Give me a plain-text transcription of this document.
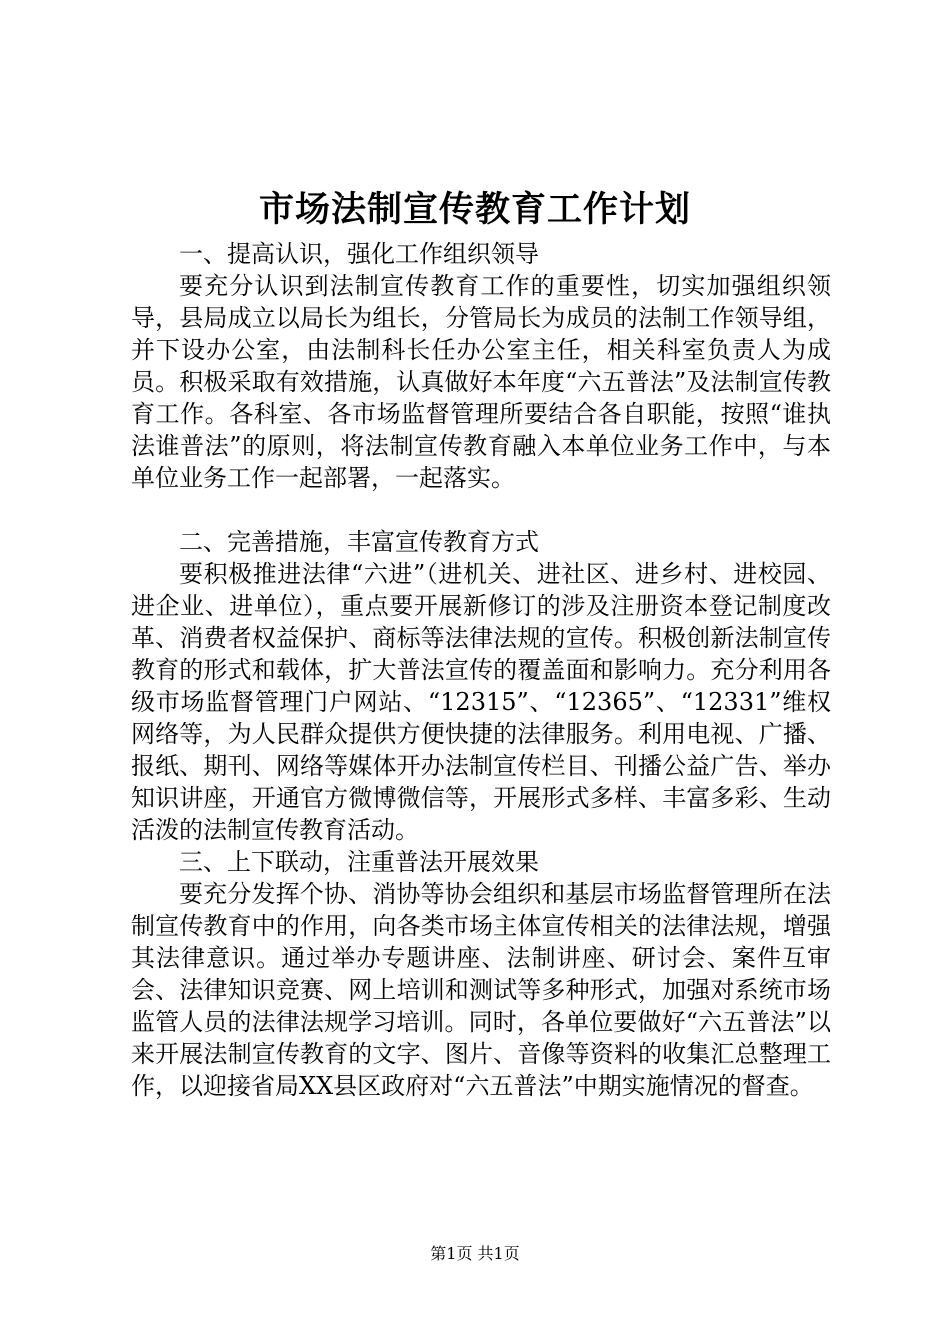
市场法制宣传教育工作计划

一、提高认识，强化工作组织领导

要充分认识到法制宣传教育工作的重要性，切实加强组织领导，县局成立以局长为组长，分管局长为成员的法制工作领导组，并下设办公室，由法制科长任办公室主任，相关科室负责人为成员。积极采取有效措施，认真做好本年度“六五普法”及法制宣传教育工作。各科室、各市场监督管理所要结合各自职能，按照“谁执法谁普法”的原则，将法制宣传教育融入本单位业务工作中，与本单位业务工作一起部署，一起落实。

二、完善措施，丰富宣传教育方式

要积极推进法律“六进”（进机关、进社区、进乡村、进校园、进企业、进单位），重点要开展新修订的涉及注册资本登记制度改革、消费者权益保护、商标等法律法规的宣传。积极创新法制宣传教育的形式和载体，扩大普法宣传的覆盖面和影响力。充分利用各级市场监督管理门户网站、“12315”、“12365”、“12331”维权网络等，为人民群众提供方便快捷的法律服务。利用电视、广播、报纸、期刊、网络等媒体开办法制宣传栏目、刊播公益广告、举办知识讲座，开通官方微博微信等，开展形式多样、丰富多彩、生动活泼的法制宣传教育活动。

三、上下联动，注重普法开展效果

要充分发挥个协、消协等协会组织和基层市场监督管理所在法制宣传教育中的作用，向各类市场主体宣传相关的法律法规，增强其法律意识。通过举办专题讲座、法制讲座、研讨会、案件互审会、法律知识竞赛、网上培训和测试等多种形式，加强对系统市场监管人员的法律法规学习培训。同时，各单位要做好“六五普法”以来开展法制宣传教育的文字、图片、音像等资料的收集汇总整理工作，以迎接省局XX县区政府对“六五普法”中期实施情况的督查。

第1页 共1页
